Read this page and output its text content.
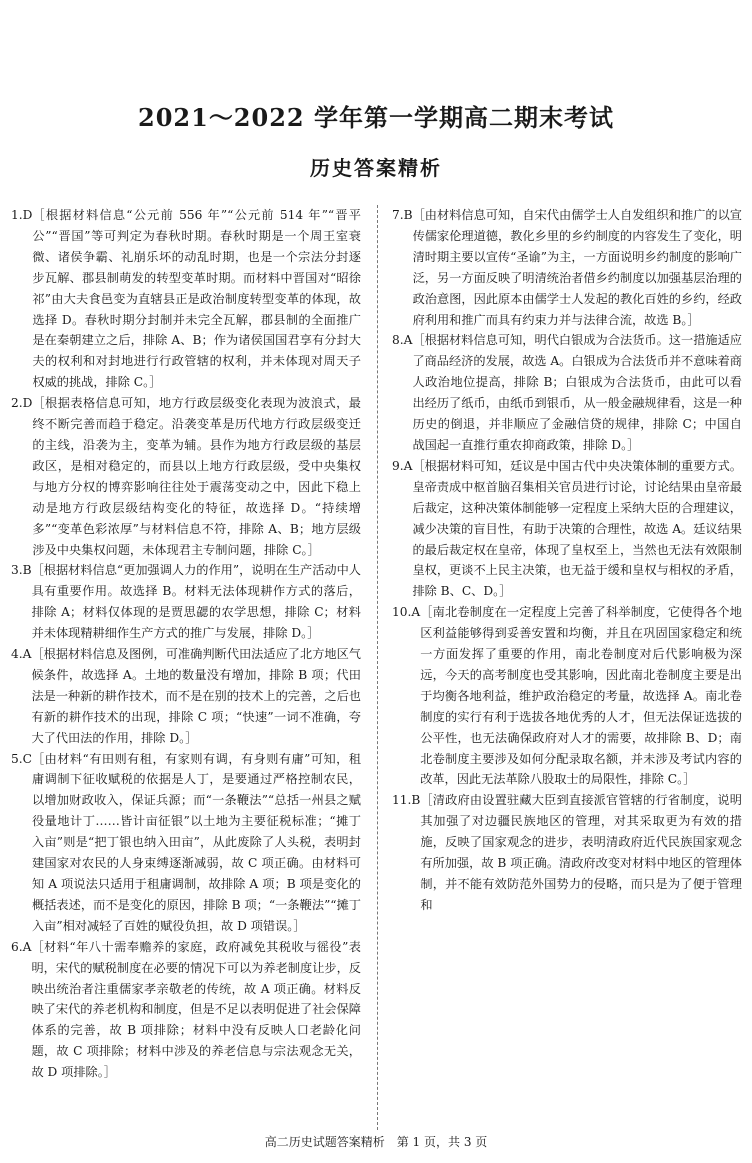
2021～2022 学年第一学期高二期末考试
历史答案精析
1.D ［根据材料信息“公元前 556 年”“公元前 514 年”“晋平公”“晋国”等可判定为春秋时期。春秋时期是一个周王室衰微、诸侯争霸、礼崩乐坏的动乱时期，也是一个宗法分封逐步瓦解、郡县制萌发的转型变革时期。而材料中晋国对“昭徐祁”由大夫食邑变为直辖县正是政治制度转型变革的体现，故选择 D。春秋时期分封制并未完全瓦解，郡县制的全面推广是在秦朝建立之后，排除 A、B；作为诸侯国国君享有分封大夫的权利和对封地进行行政管辖的权利，并未体现对周天子权威的挑战，排除 C。］

2.D ［根据表格信息可知，地方行政层级变化表现为波浪式，最终不断完善而趋于稳定。沿袭变革是历代地方行政层级变迁的主线，沿袭为主，变革为辅。县作为地方行政层级的基层政区，是相对稳定的，而县以上地方行政层级，受中央集权与地方分权的博弈影响往往处于震荡变动之中，因此下稳上动是地方行政层级结构变化的特征，故选择 D。“持续增多”“变革色彩浓厚”与材料信息不符，排除 A、B；地方层级涉及中央集权问题，未体现君主专制问题，排除 C。］

3.B ［根据材料信息“更加强调人力的作用”，说明在生产活动中人具有重要作用。故选择 B。材料无法体现耕作方式的落后，排除 A；材料仅体现的是贾思勰的农学思想，排除 C；材料并未体现精耕细作生产方式的推广与发展，排除 D。］

4.A ［根据材料信息及图例，可准确判断代田法适应了北方地区气候条件，故选择 A。土地的数量没有增加，排除 B 项；代田法是一种新的耕作技术，而不是在别的技术上的完善，之后也有新的耕作技术的出现，排除 C 项；“快速”一词不准确，夸大了代田法的作用，排除 D。］

5.C ［由材料“有田则有租，有家则有调，有身则有庸”可知，租庸调制下征收赋税的依据是人丁，是要通过严格控制农民，以增加财政收入，保证兵源；而“一条鞭法”“总括一州县之赋役量地计丁……皆计亩征银”以土地为主要征税标准；“摊丁入亩”则是“把丁银也纳入田亩”，从此废除了人头税，表明封建国家对农民的人身束缚逐渐减弱，故 C 项正确。由材料可知 A 项说法只适用于租庸调制，故排除 A 项；B 项是变化的概括表述，而不是变化的原因，排除 B 项；“一条鞭法”“摊丁入亩”相对减轻了百姓的赋役负担，故 D 项错误。］

6.A ［材料“年八十需奉赡养的家庭，政府减免其税收与徭役”表明，宋代的赋税制度在必要的情况下可以为养老制度让步，反映出统治者注重儒家孝亲敬老的传统，故 A 项正确。材料反映了宋代的养老机构和制度，但是不足以表明促进了社会保障体系的完善，故 B 项排除；材料中没有反映人口老龄化问题，故 C 项排除；材料中涉及的养老信息与宗法观念无关，故 D 项排除。］

7.B ［由材料信息可知，自宋代由儒学士人自发组织和推广的以宣传儒家伦理道德，教化乡里的乡约制度的内容发生了变化，明清时期主要以宣传“圣谕”为主，一方面说明乡约制度的影响广泛，另一方面反映了明清统治者借乡约制度以加强基层治理的政治意图，因此原本由儒学士人发起的教化百姓的乡约，经政府利用和推广而具有约束力并与法律合流，故选 B。］

8.A ［根据材料信息可知，明代白银成为合法货币。这一措施适应了商品经济的发展，故选 A。白银成为合法货币并不意味着商人政治地位提高，排除 B；白银成为合法货币，由此可以看出经历了纸币，由纸币到银币，从一般金融规律看，这是一种历史的倒退，并非顺应了金融信贷的规律，排除 C；中国自战国起一直推行重农抑商政策，排除 D。］

9.A ［根据材料可知，廷议是中国古代中央决策体制的重要方式。皇帝责成中枢首脑召集相关官员进行讨论，讨论结果由皇帝最后裁定，这种决策体制能够一定程度上采纳大臣的合理建议，减少决策的盲目性，有助于决策的合理性，故选 A。廷议结果的最后裁定权在皇帝，体现了皇权至上，当然也无法有效限制皇权，更谈不上民主决策，也无益于缓和皇权与相权的矛盾，排除 B、C、D。］

10.A ［南北卷制度在一定程度上完善了科举制度，它使得各个地区利益能够得到妥善安置和均衡，并且在巩固国家稳定和统一方面发挥了重要的作用，南北卷制度对后代影响极为深远，今天的高考制度也受其影响，因此南北卷制度主要是出于均衡各地利益，维护政治稳定的考量，故选择 A。南北卷制度的实行有利于选拔各地优秀的人才，但无法保证选拔的公平性，也无法确保政府对人才的需要，故排除 B、D；南北卷制度主要涉及如何分配录取名额，并未涉及考试内容的改革，因此无法革除八股取士的局限性，排除 C。］

11.B ［清政府由设置驻藏大臣到直接派官管辖的行省制度，说明其加强了对边疆民族地区的管理，对其采取更为有效的措施，反映了国家观念的进步，表明清政府近代民族国家观念有所加强，故 B 项正确。清政府改变对材料中地区的管理体制，并不能有效防范外国势力的侵略，而只是为了便于管理和

高二历史试题答案精析　第 1 页，共 3 页
